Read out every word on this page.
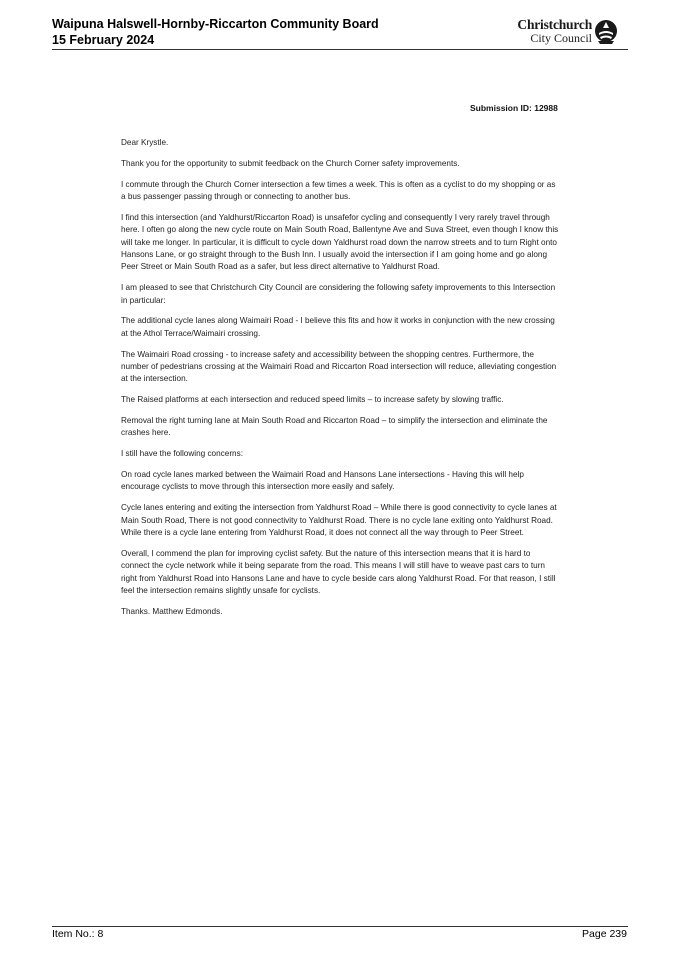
Waipuna Halswell-Hornby-Riccarton Community Board
15 February 2024
Christchurch
City Council
Submission ID: 12988

Dear Krystle.

Thank you for the opportunity to submit feedback on the Church Corner safety improvements.

I commute through the Church Corner intersection a few times a week. This is often as a cyclist to do my shopping or as a bus passenger passing through or connecting to another bus.

I find this intersection (and Yaldhurst/Riccarton Road) is unsafefor cycling and consequently I very rarely travel through here. I often go along the new cycle route on Main South Road, Ballentyne Ave and Suva Street, even though I know this will take me longer. In particular, it is difficult to cycle down Yaldhurst road down the narrow streets and to turn Right onto Hansons Lane, or go straight through to the Bush Inn. I usually avoid the intersection if I am going home and go along Peer Street or Main South Road as a safer, but less direct alternative to Yaldhurst Road.

I am pleased to see that Christchurch City Council are considering the following safety improvements to this Intersection in particular:

The additional cycle lanes along Waimairi Road - I believe this fits and how it works in conjunction with the new crossing at the Athol Terrace/Waimairi crossing.

The Waimairi Road crossing - to increase safety and accessibility between the shopping centres. Furthermore, the number of pedestrians crossing at the Waimairi Road and Riccarton Road intersection will reduce, alleviating congestion at the intersection.

The Raised platforms at each intersection and reduced speed limits – to increase safety by slowing traffic.

Removal the right turning lane at Main South Road and Riccarton Road – to simplify the intersection and eliminate the crashes here.

I still have the following concerns:

On road cycle lanes marked between the Waimairi Road and Hansons Lane intersections - Having this will help encourage cyclists to move through this intersection more easily and safely.

Cycle lanes entering and exiting the intersection from Yaldhurst Road – While there is good connectivity to cycle lanes at Main South Road, There is not good connectivity to Yaldhurst Road. There is no cycle lane exiting onto Yaldhurst Road. While there is a cycle lane entering from Yaldhurst Road, it does not connect all the way through to Peer Street.

Overall, I commend the plan for improving cyclist safety. But the nature of this intersection means that it is hard to connect the cycle network while it being separate from the road. This means I will still have to weave past cars to turn right from Yaldhurst Road into Hansons Lane and have to cycle beside cars along Yaldhurst Road. For that reason, I still feel the intersection remains slightly unsafe for cyclists.

Thanks. Matthew Edmonds.

Item No.: 8	Page 239
